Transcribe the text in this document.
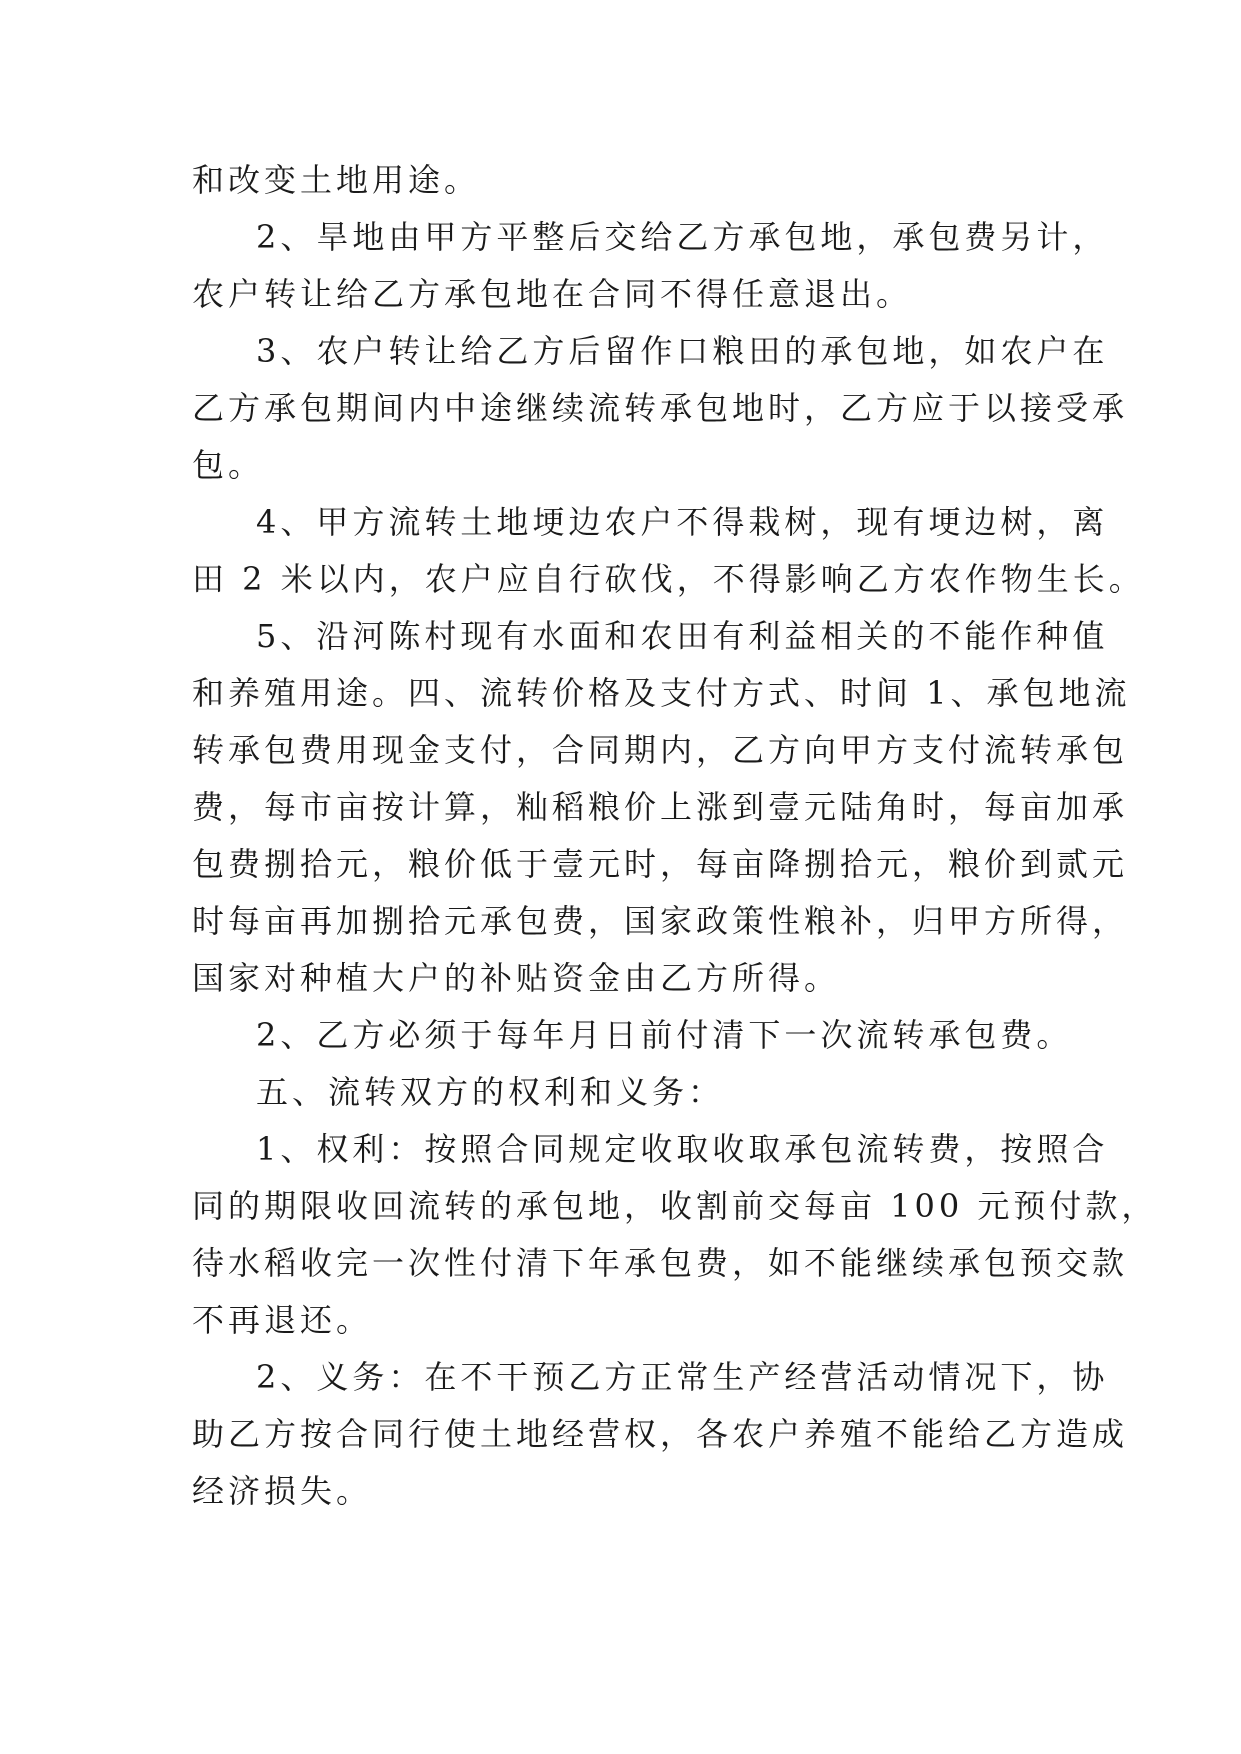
和改变土地用途。
2、旱地由甲方平整后交给乙方承包地，承包费另计，
农户转让给乙方承包地在合同不得任意退出。
3、农户转让给乙方后留作口粮田的承包地，如农户在
乙方承包期间内中途继续流转承包地时，乙方应于以接受承
包。
4、甲方流转土地埂边农户不得栽树，现有埂边树，离
田 2 米以内，农户应自行砍伐，不得影响乙方农作物生长。
5、沿河陈村现有水面和农田有利益相关的不能作种值
和养殖用途。四、流转价格及支付方式、时间 1、承包地流
转承包费用现金支付，合同期内，乙方向甲方支付流转承包
费，每市亩按计算，籼稻粮价上涨到壹元陆角时，每亩加承
包费捌拾元，粮价低于壹元时，每亩降捌拾元，粮价到贰元
时每亩再加捌拾元承包费，国家政策性粮补，归甲方所得，
国家对种植大户的补贴资金由乙方所得。
2、乙方必须于每年月日前付清下一次流转承包费。
五、流转双方的权利和义务：
1、权利：按照合同规定收取收取承包流转费，按照合
同的期限收回流转的承包地，收割前交每亩 100 元预付款，
待水稻收完一次性付清下年承包费，如不能继续承包预交款
不再退还。
2、义务：在不干预乙方正常生产经营活动情况下，协
助乙方按合同行使土地经营权，各农户养殖不能给乙方造成
经济损失。
